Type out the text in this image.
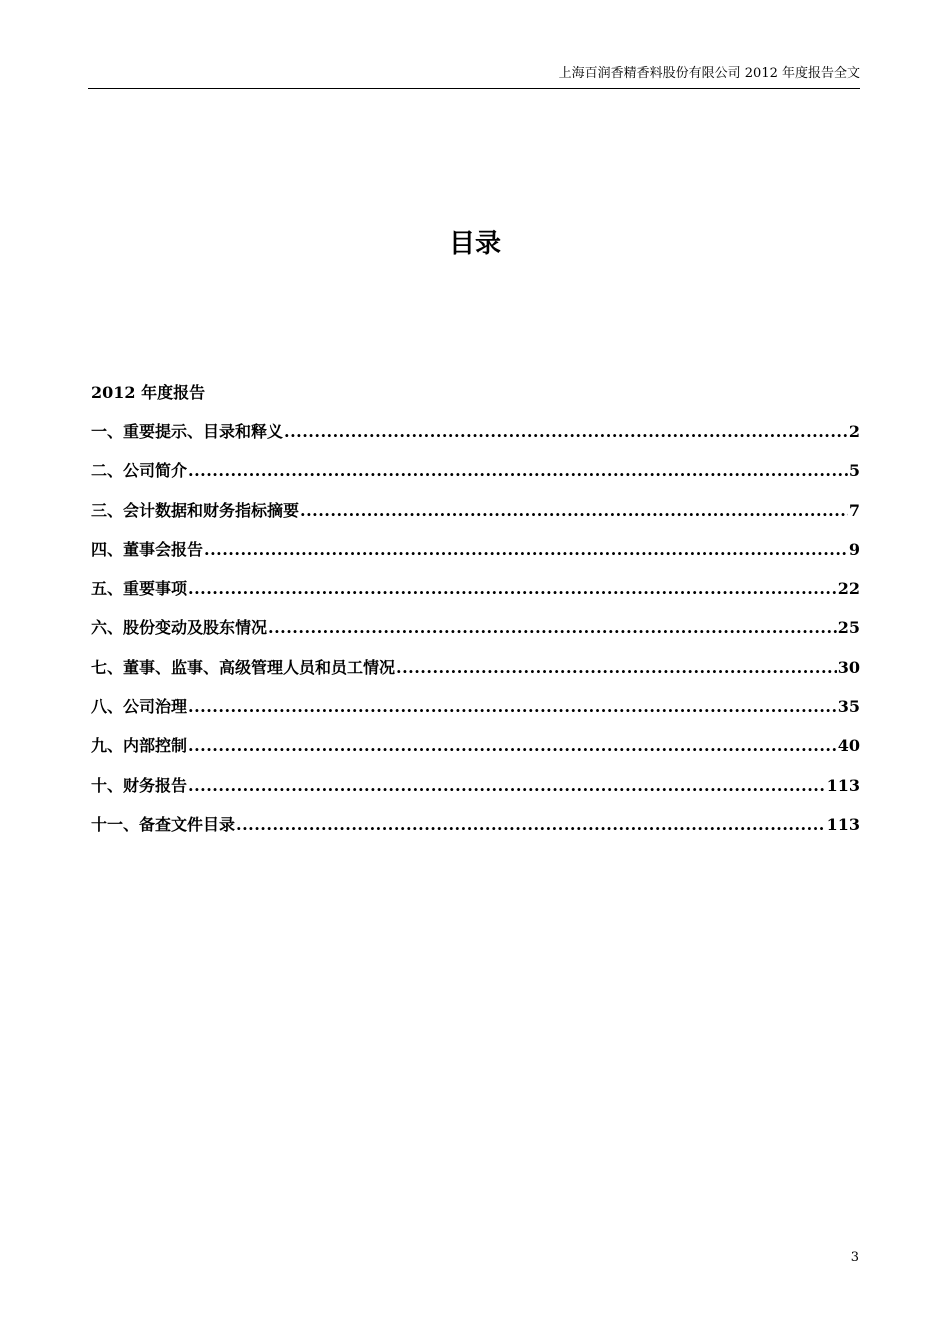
上海百润香精香料股份有限公司 2012 年度报告全文
目录
2012 年度报告
一、重要提示、目录和释义 .....	2
二、公司简介 .....	5
三、会计数据和财务指标摘要 .....	7
四、董事会报告 .....	9
五、重要事项 .....	22
六、股份变动及股东情况 .....	25
七、董事、监事、高级管理人员和员工情况 .....	30
八、公司治理 .....	35
九、内部控制 .....	40
十、财务报告 .....	113
十一、备查文件目录 .....	113
3
